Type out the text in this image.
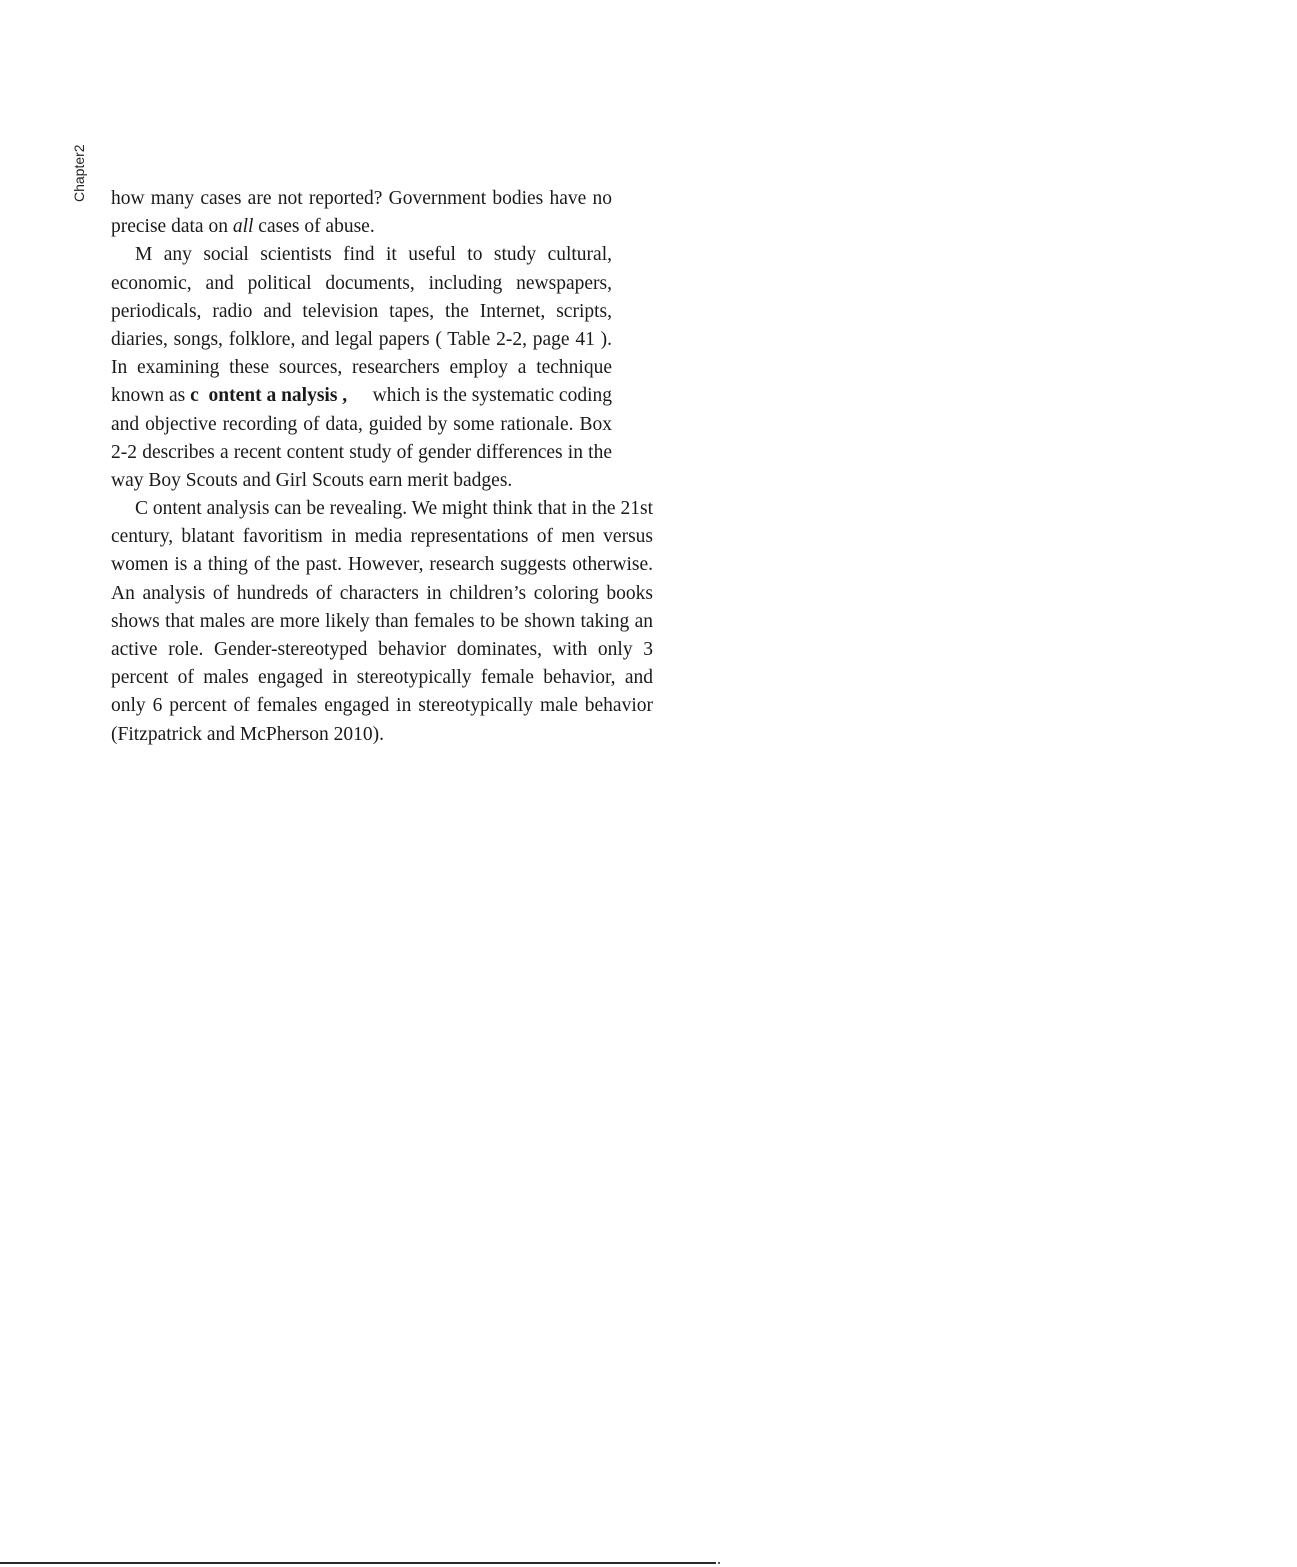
Chapter2 how many cases are not reported? Government bodies have no
precise data on all cases of abuse.
M any social scientists find it useful to study cultural,
economic, and political documents, including newspapers,
periodicals, radio and television tapes, the Internet, scripts,
diaries, songs, folklore, and legal papers ( Table 2-2, page 41 ).
In examining these sources, researchers employ a technique
known as c  ontent a nalysis , which is the systematic coding
and objective recording of data, guided by some rationale. Box
2-2 describes a recent content study of gender differences in the
way Boy Scouts and Girl Scouts earn merit badges.
C ontent analysis can be revealing. We might think that in the 21st
century, blatant favoritism in media representations of men versus
women is a thing of the past. However, research suggests otherwise.
An analysis of hundreds of characters in children’s coloring books
shows that males are more likely than females to be shown taking an
active role. Gender-stereotyped behavior dominates, with only 3
percent of males engaged in stereotypically female behavior, and
only 6 percent of females engaged in stereotypically male behavior
(Fitzpatrick and McPherson 2010).
